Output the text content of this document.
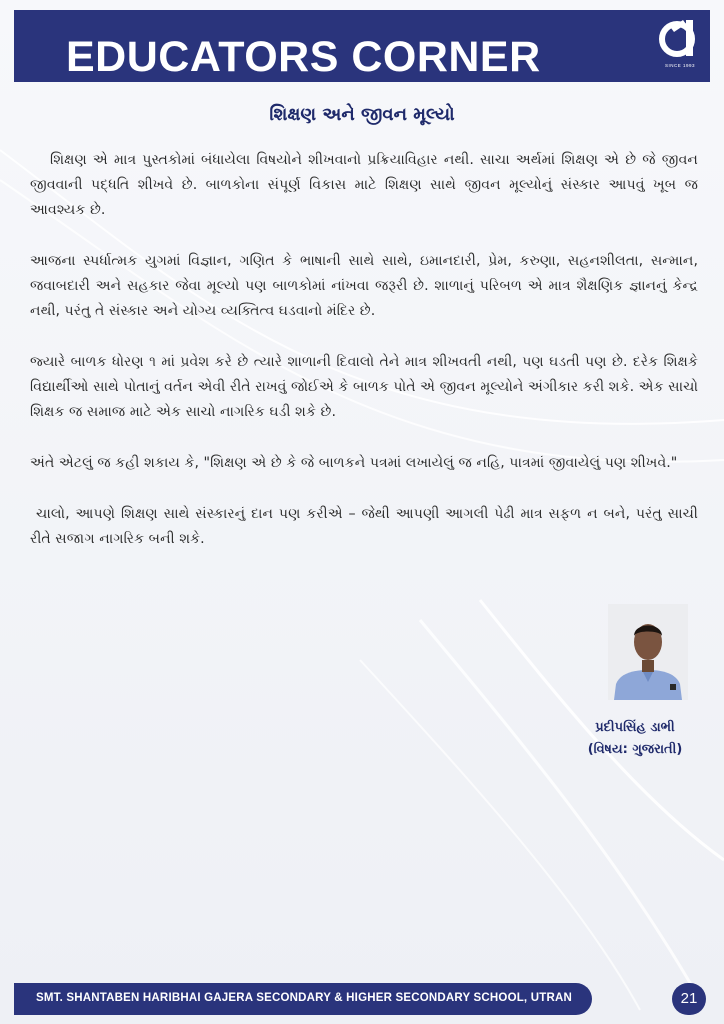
EDUCATORS CORNER	SINCE 1993
શિક્ષણ અને જીવન મૂલ્યો

શિક્ષણ એ માત્ર પુસ્તકોમાં બંધાયેલા વિષયોને શીખવાનો પ્રક્રિયાવિહાર નથી. સાચા અર્થમાં શિક્ષણ એ છે જે જીવન જીવવાની પદ્ધતિ શીખવે છે. બાળકોના સંપૂર્ણ વિકાસ માટે શિક્ષણ સાથે જીવન મૂલ્યોનું સંસ્કાર આપવું ખૂબ જ આવશ્યક છે.

આજના સ્પર્ધાત્મક યુગમાં વિજ્ઞાન, ગણિત કે ભાષાની સાથે સાથે, ઇમાનદારી, પ્રેમ, કરુણા, સહનશીલતા, સન્માન, જવાબદારી અને સહકાર જેવા મૂલ્યો પણ બાળકોમાં નાંખવા જરૂરી છે. શાળાનું પરિબળ એ માત્ર શૈક્ષણિક જ્ઞાનનું કેન્દ્ર નથી, પરંતુ તે સંસ્કાર અને યોગ્ય વ્યક્તિત્વ ઘડવાનો મંદિર છે.

જ્યારે બાળક ધોરણ ૧ માં પ્રવેશ કરે છે ત્યારે શાળાની દિવાલો તેને માત્ર શીખવતી નથી, પણ ઘડતી પણ છે. દરેક શિક્ષકે વિદ્યાર્થીઓ સાથે પોતાનું વર્તન એવી રીતે રાખવું જોઈએ કે બાળક પોતે એ જીવન મૂલ્યોને અંગીકાર કરી શકે. એક સાચો શિક્ષક જ સમાજ માટે એક સાચો નાગરિક ઘડી શકે છે.

અંતે એટલું જ કહી શકાય કે, "શિક્ષણ એ છે કે જે બાળકને પત્રમાં લખાયેલું જ નહિ, પાત્રમાં જીવાયેલું પણ શીખવે."

ચાલો, આપણે શિક્ષણ સાથે સંસ્કારનું દાન પણ કરીએ – જેથી આપણી આગલી પેઢી માત્ર સફળ ન બને, પરંતુ સાચી રીતે સજાગ નાગરિક બની શકે.

પ્રદીપસિંહ ડાભી
(વિષય: ગુજરાતી)
SMT. SHANTABEN HARIBHAI GAJERA SECONDARY & HIGHER SECONDARY SCHOOL, UTRAN	21
